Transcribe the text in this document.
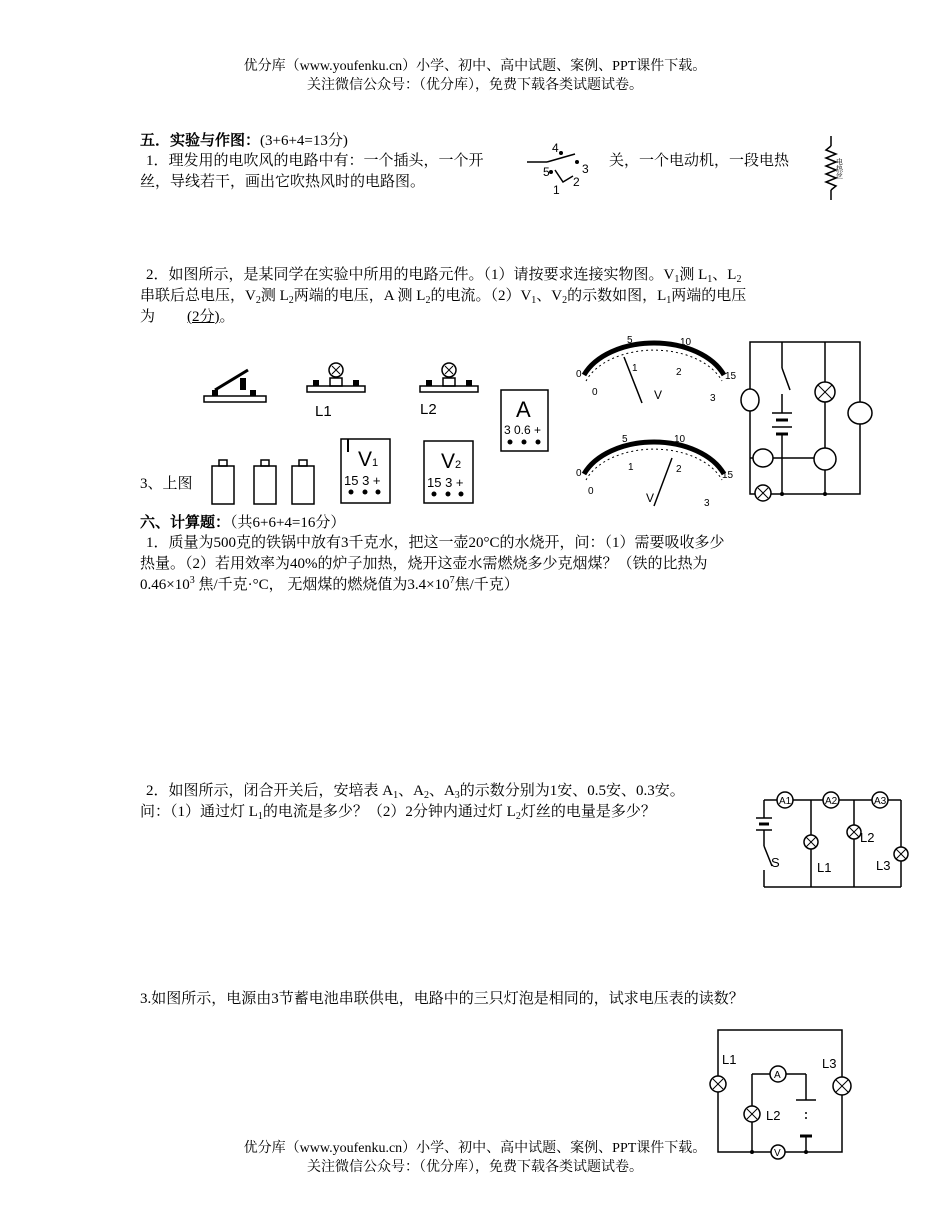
优分库（www.youfenku.cn）小学、初中、高中试题、案例、PPT课件下载。
关注微信公众号：（优分库），免费下载各类试题试卷。
五．实验与作图：(3+6+4=13分)
1．理发用的电吹风的电路中有：一个插头，一个开	关，一个电动机，一段电热
丝，导线若干，画出它吹热风时的电路图。
4
5	3
1
2
电热丝
2．如图所示，是某同学在实验中所用的电路元件。（1）请按要求连接实物图。$V_1$测 $L_1$、$L_2$
串联后总电压，$V_2$测 $L_2$两端的电压，A 测 $L_2$的电流。$(2)V_1$、$V_2$的示数如图，$L_1$两端的电压
为 (2分)。
L1	L2	A
3 0.6 +
V1
15 3 +
V2
15 3 +
3、上图
5	10
1	2
0	15
0
3
V
5	10
1	2
0	15
0
3
V
六、计算题：（共6+6+4=16分）
1．质量为500克的铁锅中放有3千克水，把这一壶20°C的水烧开，问：（1）需要吸收多少
热量。（2）若用效率为40%的炉子加热，烧开这壶水需燃烧多少克烟煤？（铁的比热为
$0.46\times 10^3$ 焦/千克·°C， 无烟煤的燃烧值为$3.4\times 10^7$焦/千克）
2．如图所示，闭合开关后，安培表 $A_1$、$A_2$、$A_3$的示数分别为1安、0.5安、0.3安。
问：（1）通过灯 $L_1$的电流是多少？（2）2分钟内通过灯 $L_2$灯丝的电量是多少？
A1	A2	A3
S	L1
L2
L3
3.如图所示，电源由3节蓄电池串联供电，电路中的三只灯泡是相同的，试求电压表的读数？
L1
L2
L3
A
V
优分库（www.youfenku.cn）小学、初中、高中试题、案例、PPT课件下载。
关注微信公众号：（优分库），免费下载各类试题试卷。
